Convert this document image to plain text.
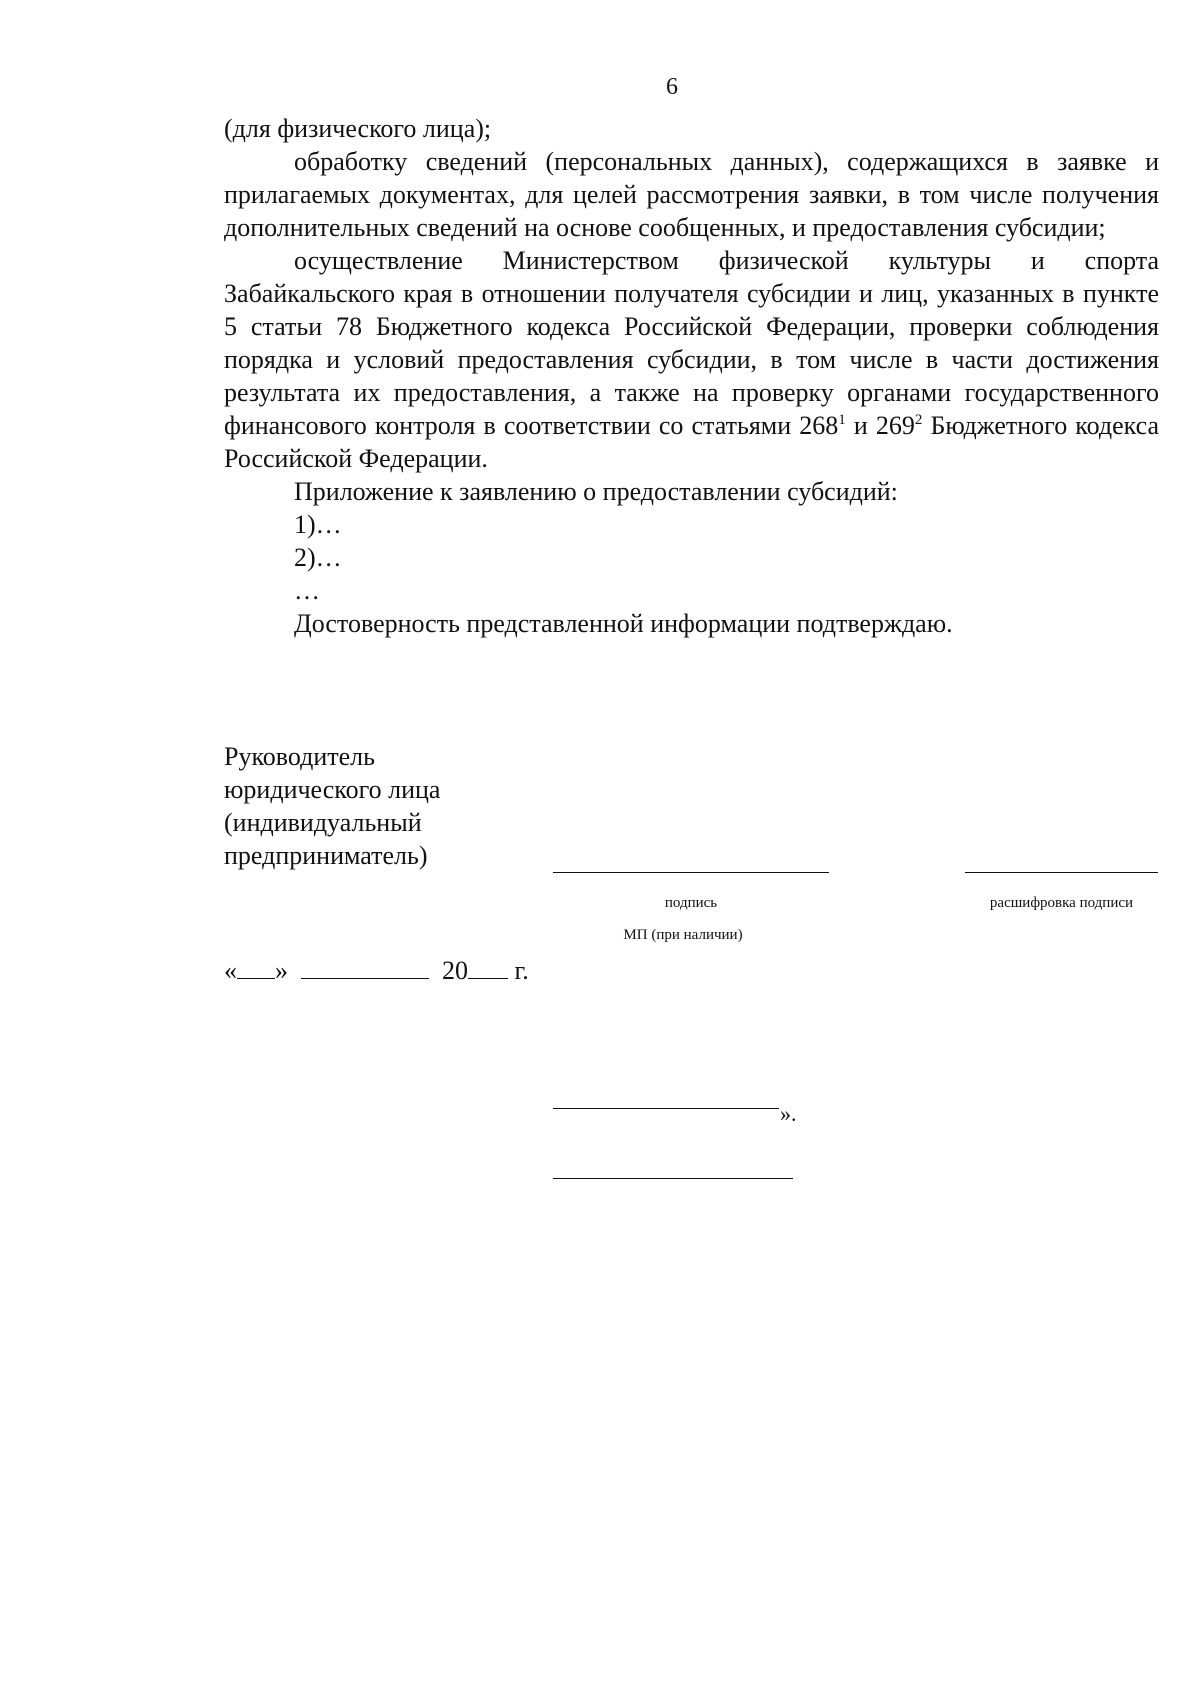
6

(для физического лица);

обработку сведений (персональных данных), содержащихся в заявке и прилагаемых документах, для целей рассмотрения заявки, в том числе получения дополнительных сведений на основе сообщенных, и предоставления субсидии;

осуществление Министерством физической культуры и спорта Забайкальского края в отношении получателя субсидии и лиц, указанных в пункте 5 статьи 78 Бюджетного кодекса Российской Федерации, проверки соблюдения порядка и условий предоставления субсидии, в том числе в части достижения результата их предоставления, а также на проверку органами государственного финансового контроля в соответствии со статьями $268^1$ и $269^2$ Бюджетного кодекса Российской Федерации.

Приложение к заявлению о предоставлении субсидий:

1)…

2)…

…

Достоверность представленной информации подтверждаю.

Руководитель
юридического лица
(индивидуальный
предприниматель)
подпись	расшифровка подписи
МП (при наличии)
« »	20 г.
».
